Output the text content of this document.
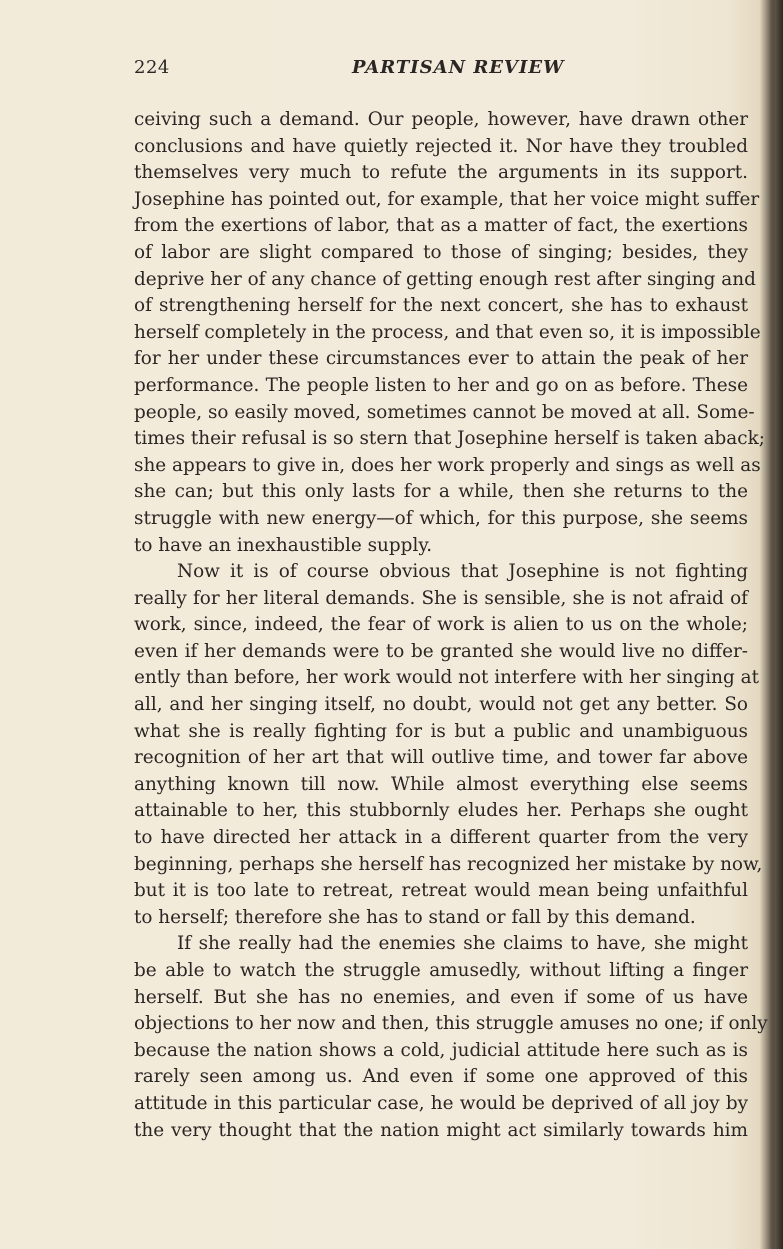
224	PARTISAN REVIEW
ceiving such a demand. Our people, however, have drawn other
conclusions and have quietly rejected it. Nor have they troubled
themselves very much to refute the arguments in its support.
Josephine has pointed out, for example, that her voice might suffer
from the exertions of labor, that as a matter of fact, the exertions
of labor are slight compared to those of singing; besides, they
deprive her of any chance of getting enough rest after singing and
of strengthening herself for the next concert, she has to exhaust
herself completely in the process, and that even so, it is impossible
for her under these circumstances ever to attain the peak of her
performance. The people listen to her and go on as before. These
people, so easily moved, sometimes cannot be moved at all. Some-
times their refusal is so stern that Josephine herself is taken aback;
she appears to give in, does her work properly and sings as well as
she can; but this only lasts for a while, then she returns to the
struggle with new energy—of which, for this purpose, she seems
to have an inexhaustible supply.
Now it is of course obvious that Josephine is not fighting
really for her literal demands. She is sensible, she is not afraid of
work, since, indeed, the fear of work is alien to us on the whole;
even if her demands were to be granted she would live no differ-
ently than before, her work would not interfere with her singing at
all, and her singing itself, no doubt, would not get any better. So
what she is really fighting for is but a public and unambiguous
recognition of her art that will outlive time, and tower far above
anything known till now. While almost everything else seems
attainable to her, this stubbornly eludes her. Perhaps she ought
to have directed her attack in a different quarter from the very
beginning, perhaps she herself has recognized her mistake by now,
but it is too late to retreat, retreat would mean being unfaithful
to herself; therefore she has to stand or fall by this demand.
If she really had the enemies she claims to have, she might
be able to watch the struggle amusedly, without lifting a finger
herself. But she has no enemies, and even if some of us have
objections to her now and then, this struggle amuses no one; if only
because the nation shows a cold, judicial attitude here such as is
rarely seen among us. And even if some one approved of this
attitude in this particular case, he would be deprived of all joy by
the very thought that the nation might act similarly towards him
